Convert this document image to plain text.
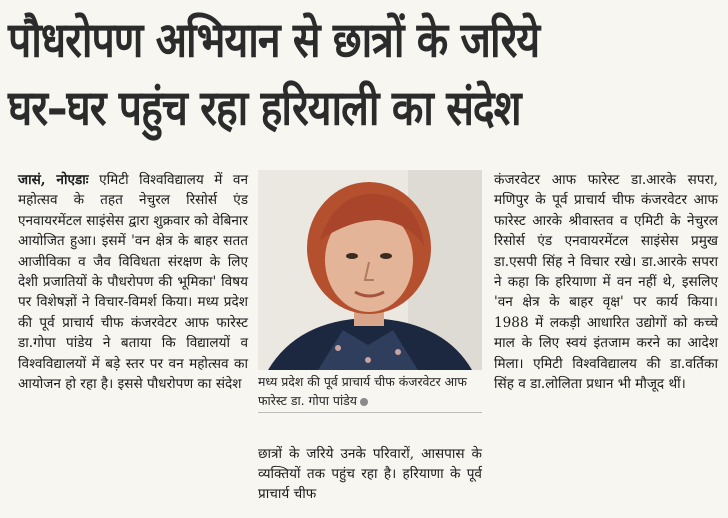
पौधरोपण अभियान से छात्रों के जरिये
घर–घर पहुंच रहा हरियाली का संदेश

जासं, नोएडाः एमिटी विश्वविद्यालय में वन महोत्सव के तहत नेचुरल रिसोर्स एंड एनवायरमेंटल साइंसेस द्वारा शुक्रवार को वेबिनार आयोजित हुआ। इसमें 'वन क्षेत्र के बाहर सतत आजीविका व जैव विविधता संरक्षण के लिए देशी प्रजातियों के पौधरोपण की भूमिका' विषय पर विशेषज्ञों ने विचार-विमर्श किया। मध्य प्रदेश की पूर्व प्राचार्य चीफ कंजरवेटर आफ फारेस्ट डा.गोपा पांडेय ने बताया कि विद्यालयों व विश्वविद्यालयों में बड़े स्तर पर वन महोत्सव का आयोजन हो रहा है। इससे पौधरोपण का संदेश	मध्य प्रदेश की पूर्व प्राचार्य चीफ कंजरवेटर आफ फारेस्ट डा. गोपा पांडेय

छात्रों के जरिये उनके परिवारों, आसपास के व्यक्तियों तक पहुंच रहा है। हरियाणा के पूर्व प्राचार्य चीफ

कंजरवेटर आफ फारेस्ट डा.आरके सपरा, मणिपुर के पूर्व प्राचार्य चीफ कंजरवेटर आफ फारेस्ट आरके श्रीवास्तव व एमिटी के नेचुरल रिसोर्स एंड एनवायरमेंटल साइंसेस प्रमुख डा.एसपी सिंह ने विचार रखे। डा.आरके सपरा ने कहा कि हरियाणा में वन नहीं थे, इसलिए 'वन क्षेत्र के बाहर वृक्ष' पर कार्य किया। 1988 में लकड़ी आधारित उद्योगों को कच्चे माल के लिए स्वयं इंतजाम करने का आदेश मिला। एमिटी विश्वविद्यालय की डा.वर्तिका सिंह व डा.लोलिता प्रधान भी मौजूद थीं।
